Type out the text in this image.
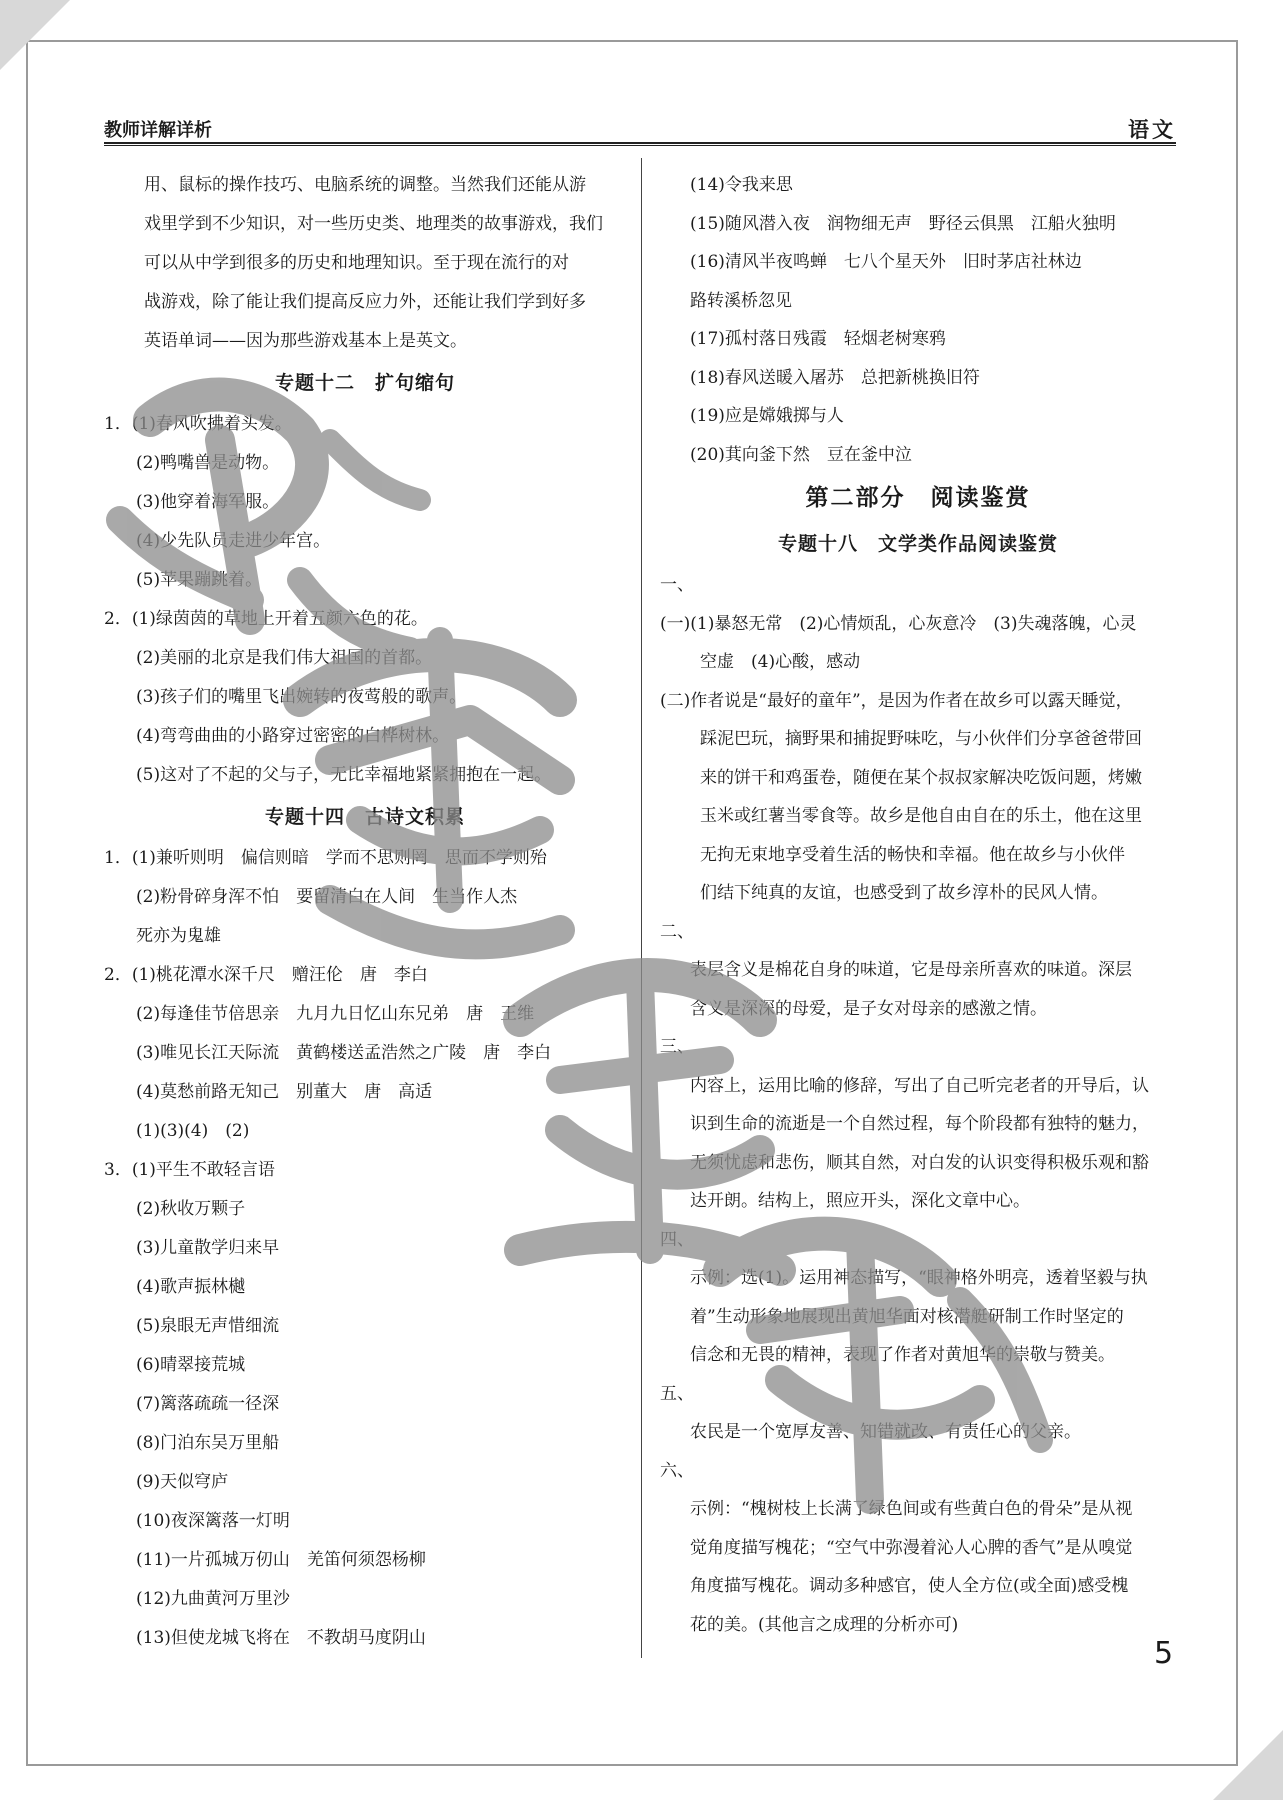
教师详解详析	语文
用、鼠标的操作技巧、电脑系统的调整。当然我们还能从游
戏里学到不少知识，对一些历史类、地理类的故事游戏，我们
可以从中学到很多的历史和地理知识。至于现在流行的对
战游戏，除了能让我们提高反应力外，还能让我们学到好多
英语单词——因为那些游戏基本上是英文。
专题十二　扩句缩句
1．(1)春风吹拂着头发。
(2)鸭嘴兽是动物。
(3)他穿着海军服。
(4)少先队员走进少年宫。
(5)苹果蹦跳着。
2．(1)绿茵茵的草地上开着五颜六色的花。
(2)美丽的北京是我们伟大祖国的首都。
(3)孩子们的嘴里飞出婉转的夜莺般的歌声。
(4)弯弯曲曲的小路穿过密密的白桦树林。
(5)这对了不起的父与子，无比幸福地紧紧拥抱在一起。
专题十四　古诗文积累
1．(1)兼听则明　偏信则暗　学而不思则罔　思而不学则殆
(2)粉骨碎身浑不怕　要留清白在人间　生当作人杰
死亦为鬼雄
2．(1)桃花潭水深千尺　赠汪伦　唐　李白
(2)每逢佳节倍思亲　九月九日忆山东兄弟　唐　王维
(3)唯见长江天际流　黄鹤楼送孟浩然之广陵　唐　李白
(4)莫愁前路无知己　别董大　唐　高适
(1)(3)(4)　(2)
3．(1)平生不敢轻言语
(2)秋收万颗子
(3)儿童散学归来早
(4)歌声振林樾
(5)泉眼无声惜细流
(6)晴翠接荒城
(7)篱落疏疏一径深
(8)门泊东吴万里船
(9)天似穹庐
(10)夜深篱落一灯明
(11)一片孤城万仞山　羌笛何须怨杨柳
(12)九曲黄河万里沙
(13)但使龙城飞将在　不教胡马度阴山
(14)令我来思
(15)随风潜入夜　润物细无声　野径云俱黑　江船火独明
(16)清风半夜鸣蝉　七八个星天外　旧时茅店社林边
路转溪桥忽见
(17)孤村落日残霞　轻烟老树寒鸦
(18)春风送暖入屠苏　总把新桃换旧符
(19)应是嫦娥掷与人
(20)萁向釜下然　豆在釜中泣
第二部分　阅读鉴赏
专题十八　文学类作品阅读鉴赏
一、
(一)(1)暴怒无常　(2)心情烦乱，心灰意冷　(3)失魂落魄，心灵
空虚　(4)心酸，感动
(二)作者说是“最好的童年”，是因为作者在故乡可以露天睡觉，
踩泥巴玩，摘野果和捕捉野味吃，与小伙伴们分享爸爸带回
来的饼干和鸡蛋卷，随便在某个叔叔家解决吃饭问题，烤嫩
玉米或红薯当零食等。故乡是他自由自在的乐土，他在这里
无拘无束地享受着生活的畅快和幸福。他在故乡与小伙伴
们结下纯真的友谊，也感受到了故乡淳朴的民风人情。
二、
表层含义是棉花自身的味道，它是母亲所喜欢的味道。深层
含义是深深的母爱，是子女对母亲的感激之情。
三、
内容上，运用比喻的修辞，写出了自己听完老者的开导后，认
识到生命的流逝是一个自然过程，每个阶段都有独特的魅力，
无须忧虑和悲伤，顺其自然，对白发的认识变得积极乐观和豁
达开朗。结构上，照应开头，深化文章中心。
四、
示例：选(1)。运用神态描写，“眼神格外明亮，透着坚毅与执
着”生动形象地展现出黄旭华面对核潜艇研制工作时坚定的
信念和无畏的精神，表现了作者对黄旭华的崇敬与赞美。
五、
农民是一个宽厚友善、知错就改、有责任心的父亲。
六、
示例：“槐树枝上长满了绿色间或有些黄白色的骨朵”是从视
觉角度描写槐花；“空气中弥漫着沁人心脾的香气”是从嗅觉
角度描写槐花。调动多种感官，使人全方位(或全面)感受槐
花的美。(其他言之成理的分析亦可)
5
